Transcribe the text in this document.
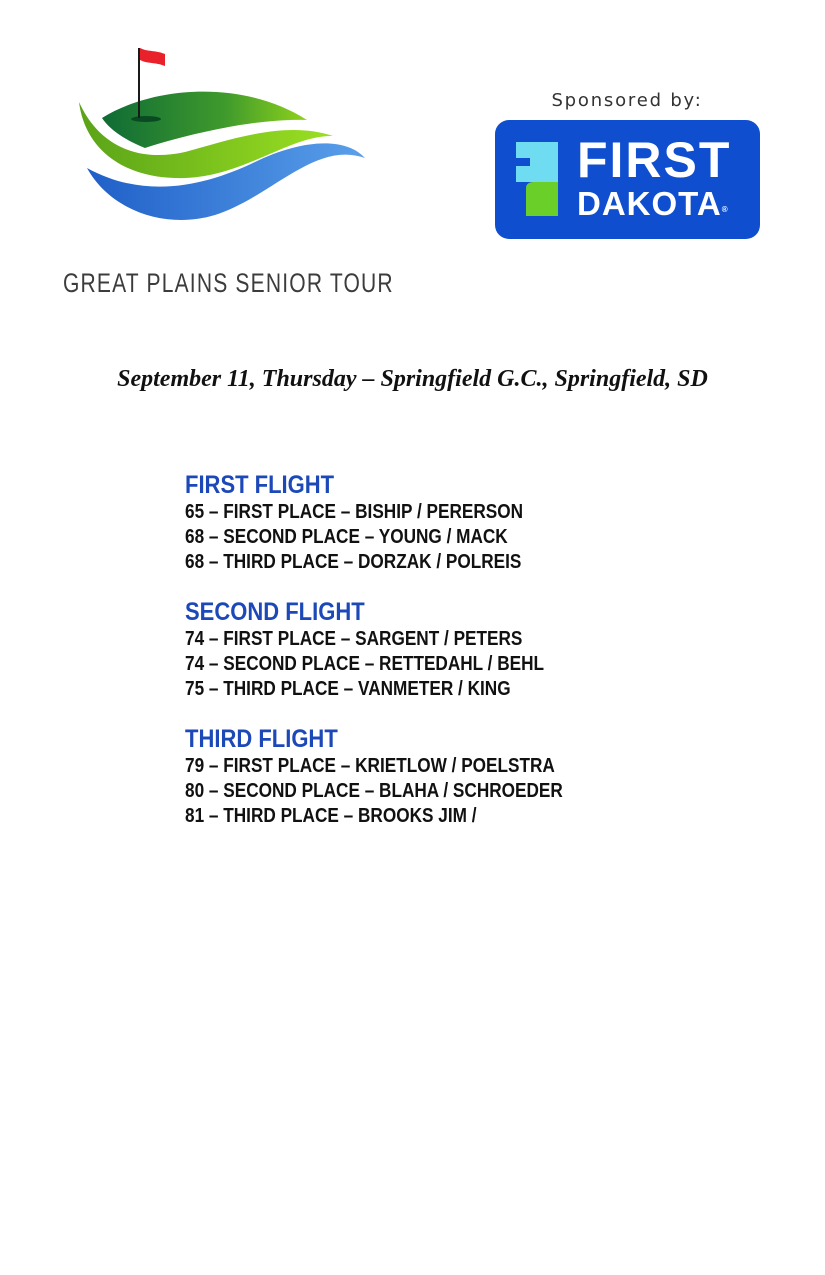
GREAT PLAINS SENIOR TOUR
Sponsored by:
FIRST
DAKOTA®
September 11, Thursday – Springfield G.C., Springfield, SD
FIRST FLIGHT
65 – FIRST PLACE – BISHIP / PERERSON
68 – SECOND PLACE – YOUNG / MACK
68 – THIRD PLACE – DORZAK / POLREIS
SECOND FLIGHT
74 – FIRST PLACE – SARGENT / PETERS
74 – SECOND PLACE – RETTEDAHL / BEHL
75 – THIRD PLACE – VANMETER / KING
THIRD FLIGHT
79 – FIRST PLACE – KRIETLOW / POELSTRA
80 – SECOND PLACE – BLAHA / SCHROEDER
81 – THIRD PLACE – BROOKS JIM /
